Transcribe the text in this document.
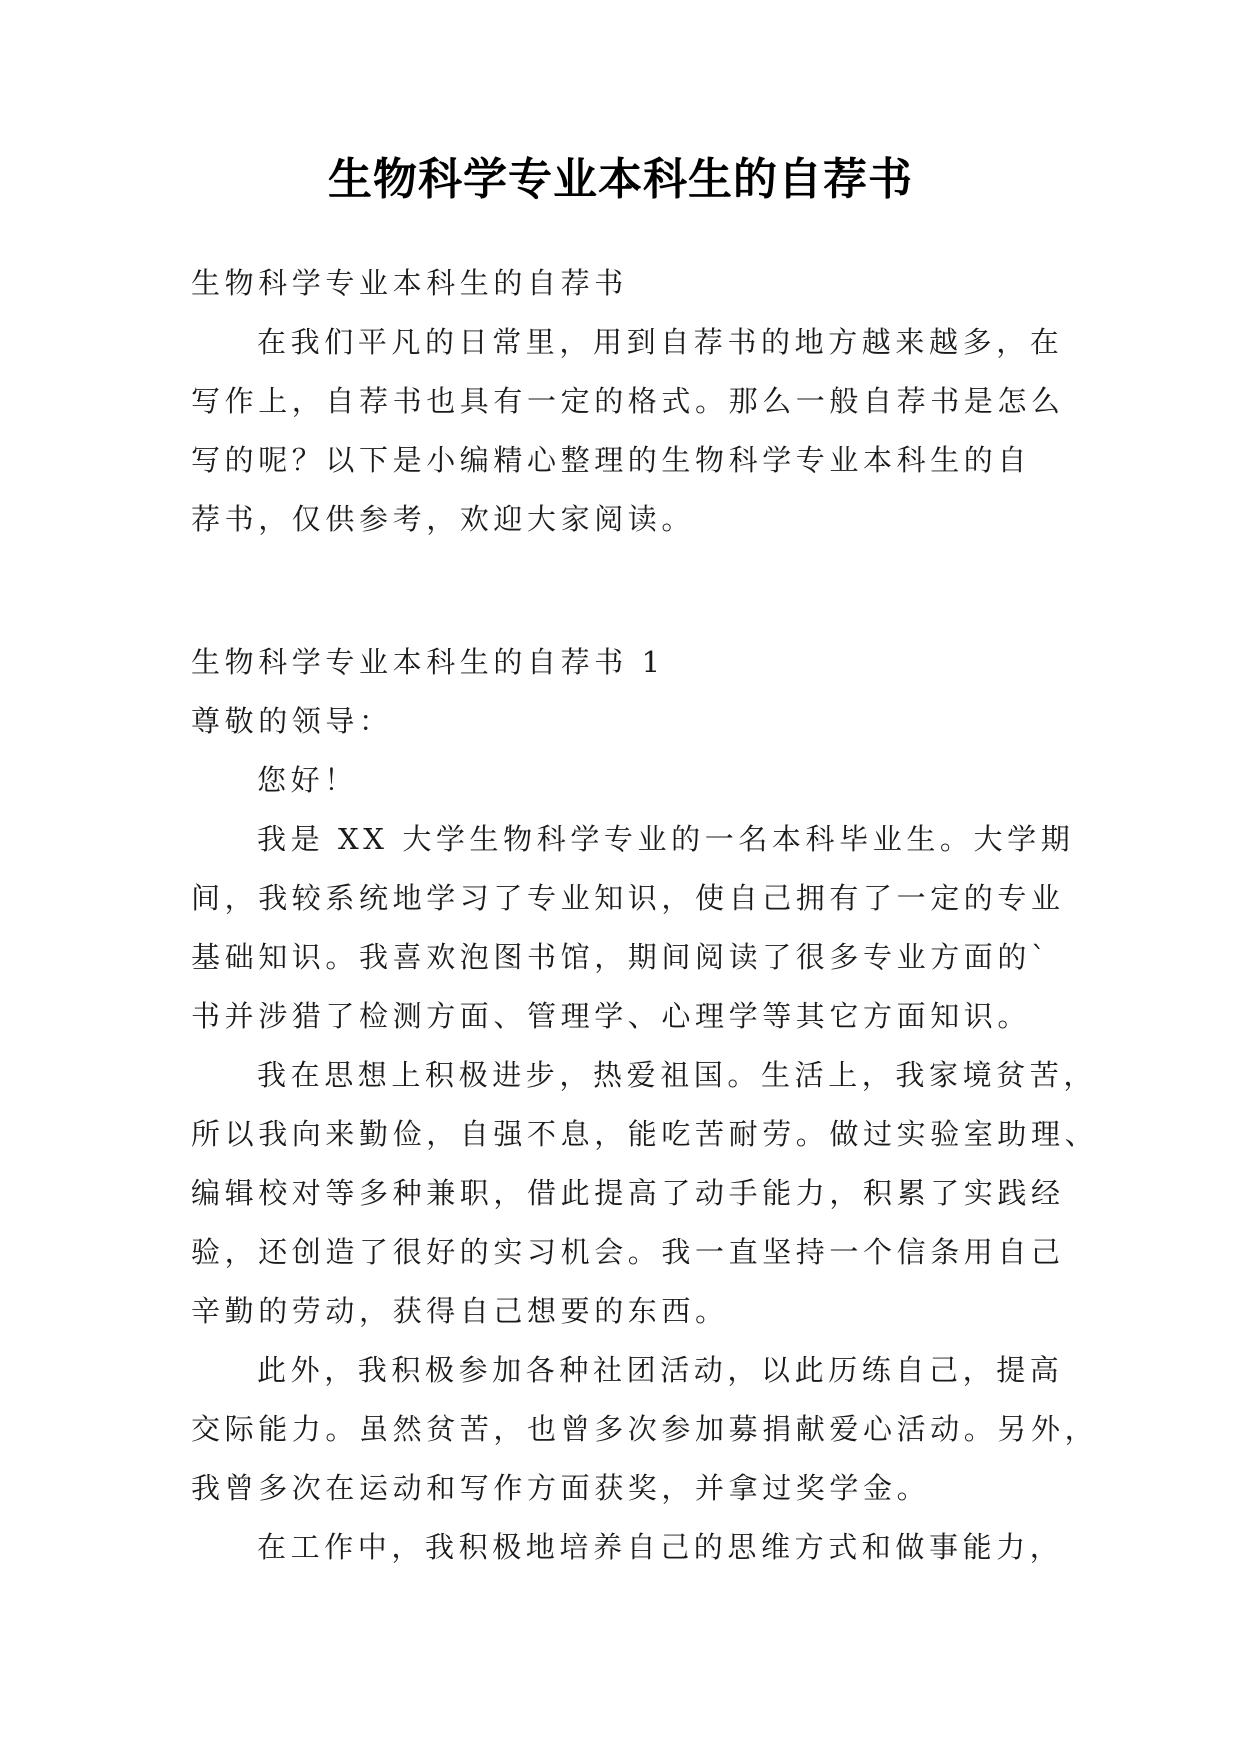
生物科学专业本科生的自荐书
生物科学专业本科生的自荐书
在我们平凡的日常里，用到自荐书的地方越来越多，在
写作上，自荐书也具有一定的格式。那么一般自荐书是怎么
写的呢？以下是小编精心整理的生物科学专业本科生的自
荐书，仅供参考，欢迎大家阅读。
生物科学专业本科生的自荐书 1
尊敬的领导：
您好！
我是 XX 大学生物科学专业的一名本科毕业生。大学期
间，我较系统地学习了专业知识，使自己拥有了一定的专业
基础知识。我喜欢泡图书馆，期间阅读了很多专业方面的`
书并涉猎了检测方面、管理学、心理学等其它方面知识。
我在思想上积极进步，热爱祖国。生活上，我家境贫苦，
所以我向来勤俭，自强不息，能吃苦耐劳。做过实验室助理、
编辑校对等多种兼职，借此提高了动手能力，积累了实践经
验，还创造了很好的实习机会。我一直坚持一个信条用自己
辛勤的劳动，获得自己想要的东西。
此外，我积极参加各种社团活动，以此历练自己，提高
交际能力。虽然贫苦，也曾多次参加募捐献爱心活动。另外，
我曾多次在运动和写作方面获奖，并拿过奖学金。
在工作中，我积极地培养自己的思维方式和做事能力，
